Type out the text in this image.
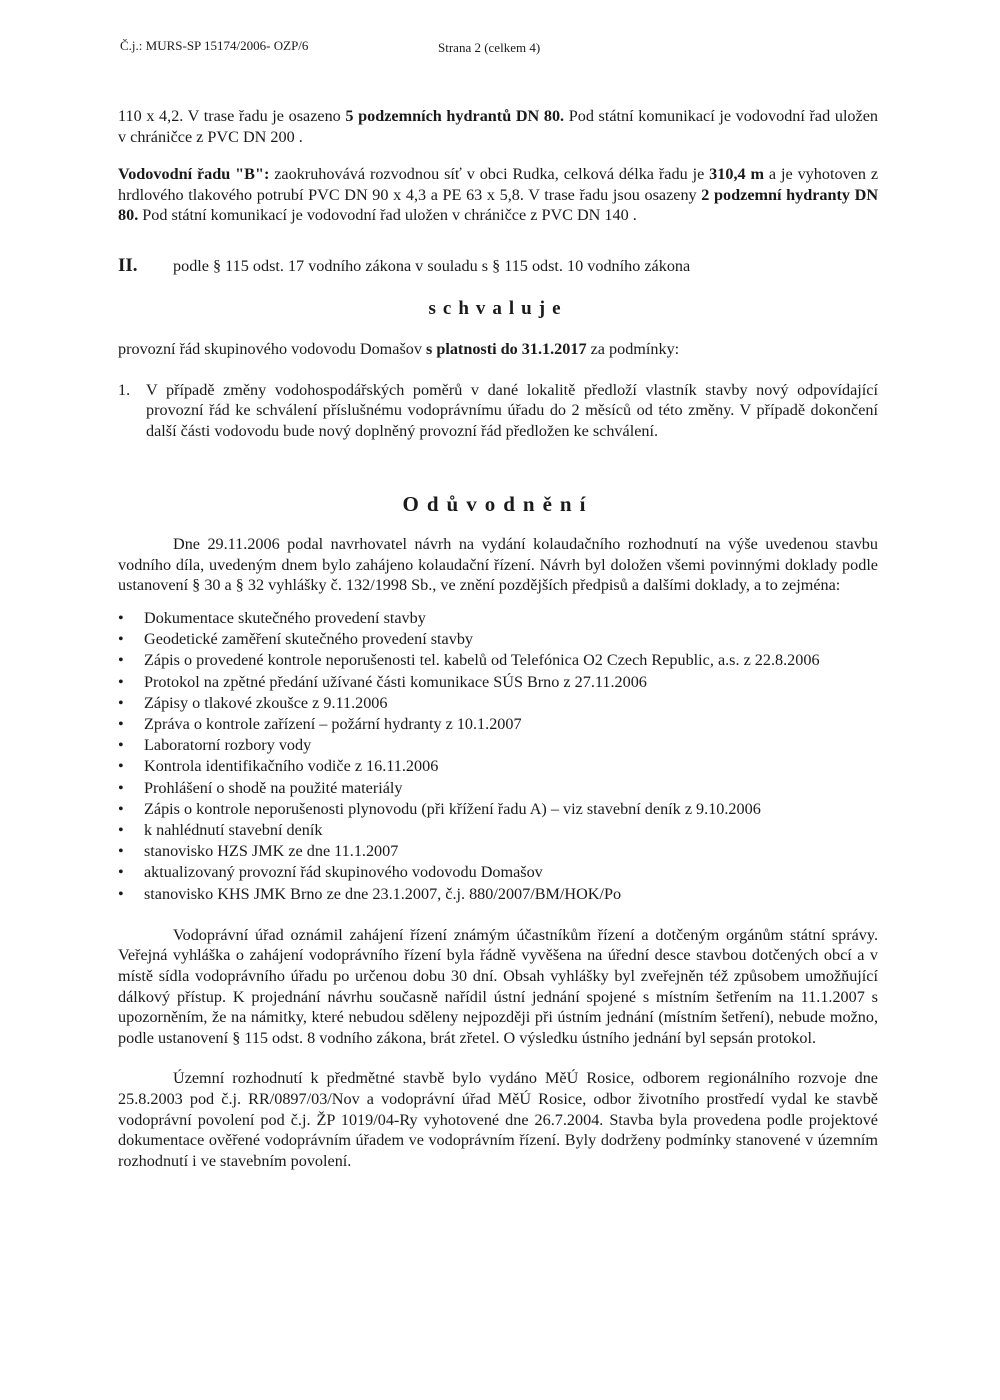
Č.j.: MURS-SP 15174/2006- OZP/6	Strana 2 (celkem 4)

110 x 4,2. V trase řadu je osazeno 5 podzemních hydrantů DN 80. Pod státní komunikací je vodovodní řad uložen v chráničce z PVC DN 200 .

Vodovodní řadu "B": zaokruhovává rozvodnou síť v obci Rudka, celková délka řadu je 310,4 m a je vyhotoven z hrdlového tlakového potrubí PVC DN 90 x 4,3 a PE 63 x 5,8. V trase řadu jsou osazeny 2 podzemní hydranty DN 80. Pod státní komunikací je vodovodní řad uložen v chráničce z PVC DN 140 .

II.	podle § 115 odst. 17 vodního zákona v souladu s § 115 odst. 10 vodního zákona
schvaluje

provozní řád skupinového vodovodu Domašov s platnosti do 31.1.2017 za podmínky:

1. V případě změny vodohospodářských poměrů v dané lokalitě předloží vlastník stavby nový odpovídající provozní řád ke schválení příslušnému vodoprávnímu úřadu do 2 měsíců od této změny. V případě dokončení další části vodovodu bude nový doplněný provozní řád předložen ke schválení.

Odůvodnění

Dne 29.11.2006 podal navrhovatel návrh na vydání kolaudačního rozhodnutí na výše uvedenou stavbu vodního díla, uvedeným dnem bylo zahájeno kolaudační řízení. Návrh byl doložen všemi povinnými doklady podle ustanovení § 30 a § 32 vyhlášky č. 132/1998 Sb., ve znění pozdějších předpisů a dalšími doklady, a to zejména:

• Dokumentace skutečného provedení stavby
• Geodetické zaměření skutečného provedení stavby
• Zápis o provedené kontrole neporušenosti tel. kabelů od Telefónica O2 Czech Republic, a.s. z 22.8.2006
• Protokol na zpětné předání užívané části komunikace SÚS Brno z 27.11.2006
• Zápisy o tlakové zkoušce z 9.11.2006
• Zpráva o kontrole zařízení – požární hydranty z 10.1.2007
• Laboratorní rozbory vody
• Kontrola identifikačního vodiče z 16.11.2006
• Prohlášení o shodě na použité materiály
• Zápis o kontrole neporušenosti plynovodu (při křížení řadu A) – viz stavební deník z 9.10.2006
• k nahlédnutí stavební deník
• stanovisko HZS JMK ze dne 11.1.2007
• aktualizovaný provozní řád skupinového vodovodu Domašov
• stanovisko KHS JMK Brno ze dne 23.1.2007, č.j. 880/2007/BM/HOK/Po

Vodoprávní úřad oznámil zahájení řízení známým účastníkům řízení a dotčeným orgánům státní správy. Veřejná vyhláška o zahájení vodoprávního řízení byla řádně vyvěšena na úřední desce stavbou dotčených obcí a v místě sídla vodoprávního úřadu po určenou dobu 30 dní. Obsah vyhlášky byl zveřejněn též způsobem umožňující dálkový přístup. K projednání návrhu současně nařídil ústní jednání spojené s místním šetřením na 11.1.2007 s upozorněním, že na námitky, které nebudou sděleny nejpozději při ústním jednání (místním šetření), nebude možno, podle ustanovení § 115 odst. 8 vodního zákona, brát zřetel. O výsledku ústního jednání byl sepsán protokol.

Územní rozhodnutí k předmětné stavbě bylo vydáno MěÚ Rosice, odborem regionálního rozvoje dne 25.8.2003 pod č.j. RR/0897/03/Nov a vodoprávní úřad MěÚ Rosice, odbor životního prostředí vydal ke stavbě vodoprávní povolení pod č.j. ŽP 1019/04-Ry vyhotovené dne 26.7.2004. Stavba byla provedena podle projektové dokumentace ověřené vodoprávním úřadem ve vodoprávním řízení. Byly dodrženy podmínky stanovené v územním rozhodnutí i ve stavebním povolení.
